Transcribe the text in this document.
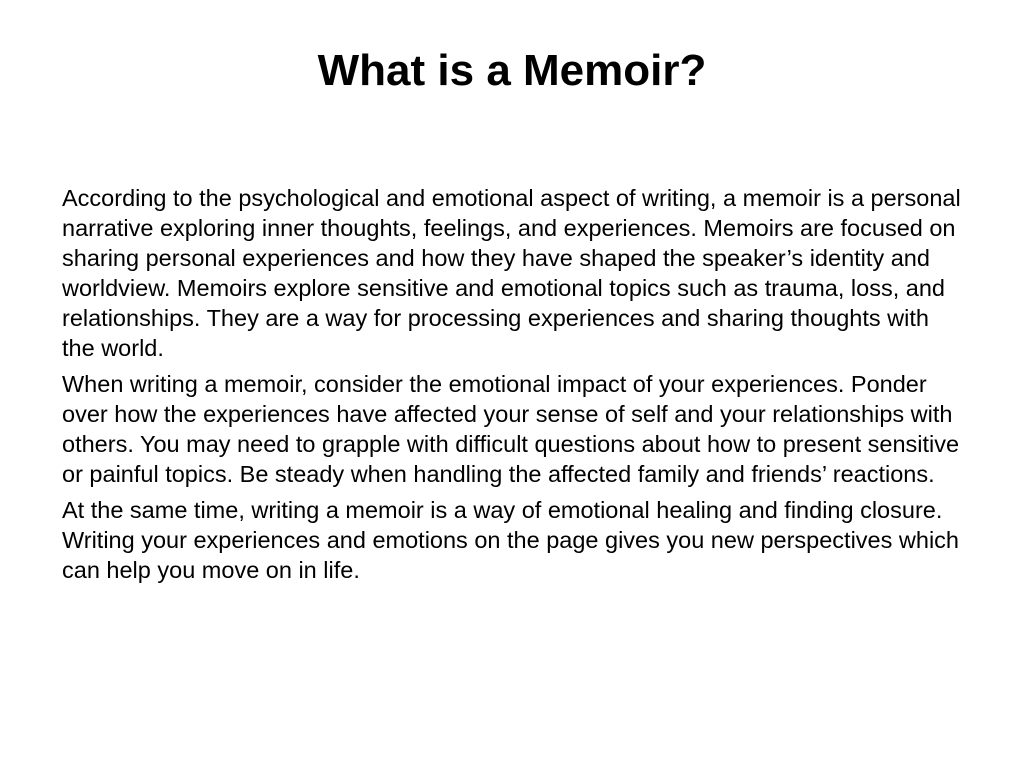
What is a Memoir?

According to the psychological and emotional aspect of writing, a memoir is a personal narrative exploring inner thoughts, feelings, and experiences. Memoirs are focused on sharing personal experiences and how they have shaped the speaker’s identity and worldview. Memoirs explore sensitive and emotional topics such as trauma, loss, and relationships. They are a way for processing experiences and sharing thoughts with the world.

When writing a memoir, consider the emotional impact of your experiences. Ponder over how the experiences have affected your sense of self and your relationships with others. You may need to grapple with difficult questions about how to present sensitive or painful topics. Be steady when handling the affected family and friends’ reactions.

At the same time, writing a memoir is a way of emotional healing and finding closure. Writing your experiences and emotions on the page gives you new perspectives which can help you move on in life.
